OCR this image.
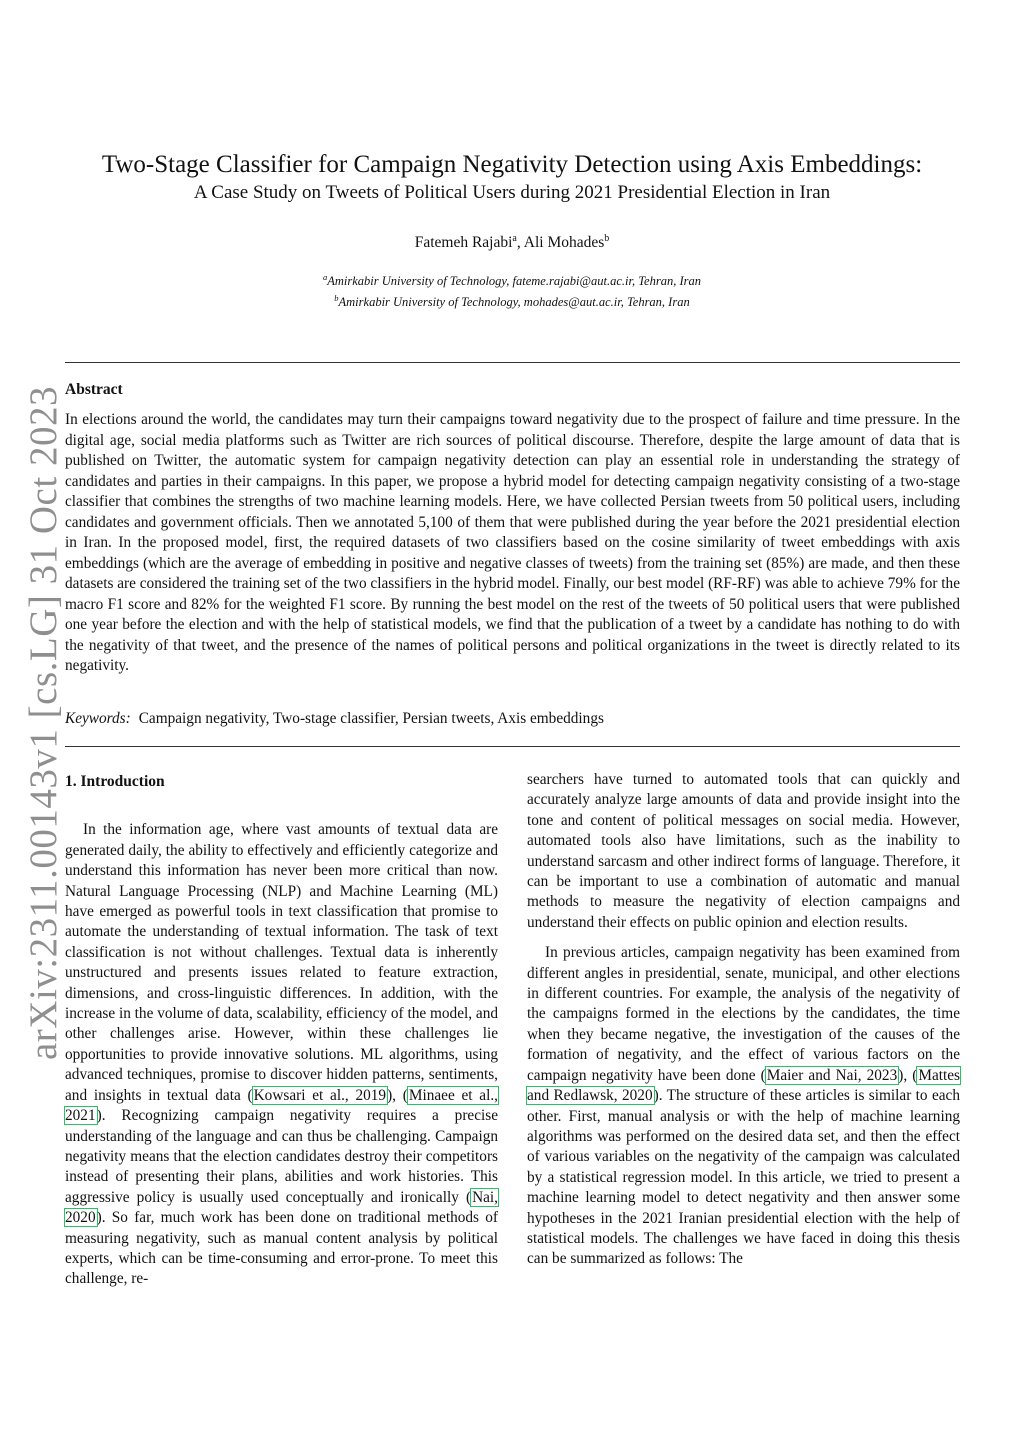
arXiv:2311.00143v1 [cs.LG] 31 Oct 2023
Two-Stage Classifier for Campaign Negativity Detection using Axis Embeddings:
A Case Study on Tweets of Political Users during 2021 Presidential Election in Iran
Fatemeh Rajabi$^a$, Ali Mohades$^b$
$^a$Amirkabir University of Technology, fateme.rajabi@aut.ac.ir, Tehran, Iran
$^b$Amirkabir University of Technology, mohades@aut.ac.ir, Tehran, Iran
Abstract
In elections around the world, the candidates may turn their campaigns toward negativity due to the prospect of failure and time pressure. In the digital age, social media platforms such as Twitter are rich sources of political discourse. Therefore, despite the large amount of data that is published on Twitter, the automatic system for campaign negativity detection can play an essential role in understanding the strategy of candidates and parties in their campaigns. In this paper, we propose a hybrid model for detecting campaign negativity consisting of a two-stage classifier that combines the strengths of two machine learning models. Here, we have collected Persian tweets from 50 political users, including candidates and government officials. Then we annotated 5,100 of them that were published during the year before the 2021 presidential election in Iran. In the proposed model, first, the required datasets of two classifiers based on the cosine similarity of tweet embeddings with axis embeddings (which are the average of embedding in positive and negative classes of tweets) from the training set (85%) are made, and then these datasets are considered the training set of the two classifiers in the hybrid model. Finally, our best model (RF-RF) was able to achieve 79% for the macro F1 score and 82% for the weighted F1 score. By running the best model on the rest of the tweets of 50 political users that were published one year before the election and with the help of statistical models, we find that the publication of a tweet by a candidate has nothing to do with the negativity of that tweet, and the presence of the names of political persons and political organizations in the tweet is directly related to its negativity.
Keywords: Campaign negativity, Two-stage classifier, Persian tweets, Axis embeddings
1. Introduction

In the information age, where vast amounts of textual data are generated daily, the ability to effectively and efficiently categorize and understand this information has never been more critical than now. Natural Language Processing (NLP) and Machine Learning (ML) have emerged as powerful tools in text classification that promise to automate the understanding of textual information. The task of text classification is not without challenges. Textual data is inherently unstructured and presents issues related to feature extraction, dimensions, and cross-linguistic differences. In addition, with the increase in the volume of data, scalability, efficiency of the model, and other challenges arise. However, within these challenges lie opportunities to provide innovative solutions. ML algorithms, using advanced techniques, promise to discover hidden patterns, sentiments, and insights in textual data (Kowsari et al., 2019), (Minaee et al., 2021). Recognizing campaign negativity requires a precise understanding of the language and can thus be challenging. Campaign negativity means that the election candidates destroy their competitors instead of presenting their plans, abilities and work histories. This aggressive policy is usually used conceptually and ironically (Nai, 2020). So far, much work has been done on traditional methods of measuring negativity, such as manual content analysis by political experts, which can be time-consuming and error-prone. To meet this challenge, re-

searchers have turned to automated tools that can quickly and accurately analyze large amounts of data and provide insight into the tone and content of political messages on social media. However, automated tools also have limitations, such as the inability to understand sarcasm and other indirect forms of language. Therefore, it can be important to use a combination of automatic and manual methods to measure the negativity of election campaigns and understand their effects on public opinion and election results.

In previous articles, campaign negativity has been examined from different angles in presidential, senate, municipal, and other elections in different countries. For example, the analysis of the negativity of the campaigns formed in the elections by the candidates, the time when they became negative, the investigation of the causes of the formation of negativity, and the effect of various factors on the campaign negativity have been done (Maier and Nai, 2023), (Mattes and Redlawsk, 2020). The structure of these articles is similar to each other. First, manual analysis or with the help of machine learning algorithms was performed on the desired data set, and then the effect of various variables on the negativity of the campaign was calculated by a statistical regression model. In this article, we tried to present a machine learning model to detect negativity and then answer some hypotheses in the 2021 Iranian presidential election with the help of statistical models. The challenges we have faced in doing this thesis can be summarized as follows: The
